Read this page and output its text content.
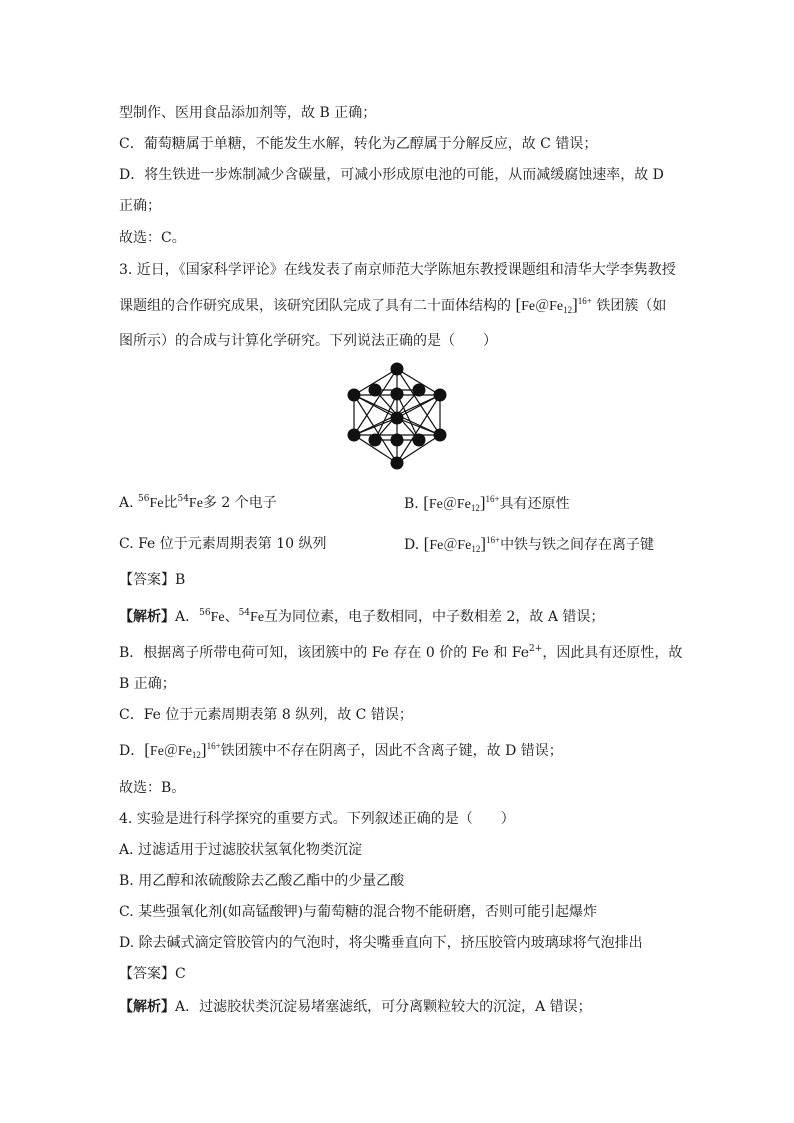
型制作、医用食品添加剂等，故 B 正确；
C．葡萄糖属于单糖，不能发生水解，转化为乙醇属于分解反应，故 C 错误；
D．将生铁进一步炼制减少含碳量，可减小形成原电池的可能，从而减缓腐蚀速率，故 D
正确；
故选：C。
3. 近日，《国家科学评论》在线发表了南京师范大学陈旭东教授课题组和清华大学李隽教授
课题组的合作研究成果，该研究团队完成了具有二十面体结构的 $[Fe@Fe_{12}]^{16+}$ 铁团簇（如
图所示）的合成与计算化学研究。下列说法正确的是（　　）
A. $^{56}$Fe比$^{54}$Fe多 2 个电子	B. $[Fe@Fe_{12}]^{16+}$具有还原性
C. Fe 位于元素周期表第 10 纵列	D. $[Fe@Fe_{12}]^{16+}$中铁与铁之间存在离子键
【答案】B
【解析】A．$^{56}$Fe、$^{54}$Fe互为同位素，电子数相同，中子数相差 2，故 A 错误；
B．根据离子所带电荷可知，该团簇中的 Fe 存在 0 价的 Fe 和 $Fe^{2+}$，因此具有还原性，故
B 正确；
C．Fe 位于元素周期表第 8 纵列，故 C 错误；
D．$[Fe@Fe_{12}]^{16+}$铁团簇中不存在阴离子，因此不含离子键，故 D 错误；
故选：B。
4. 实验是进行科学探究的重要方式。下列叙述正确的是（　　）
A. 过滤适用于过滤胶状氢氧化物类沉淀
B. 用乙醇和浓硫酸除去乙酸乙酯中的少量乙酸
C. 某些强氧化剂(如高锰酸钾)与葡萄糖的混合物不能研磨，否则可能引起爆炸
D. 除去碱式滴定管胶管内的气泡时，将尖嘴垂直向下，挤压胶管内玻璃球将气泡排出
【答案】C
【解析】A．过滤胶状类沉淀易堵塞滤纸，可分离颗粒较大的沉淀，A 错误；
